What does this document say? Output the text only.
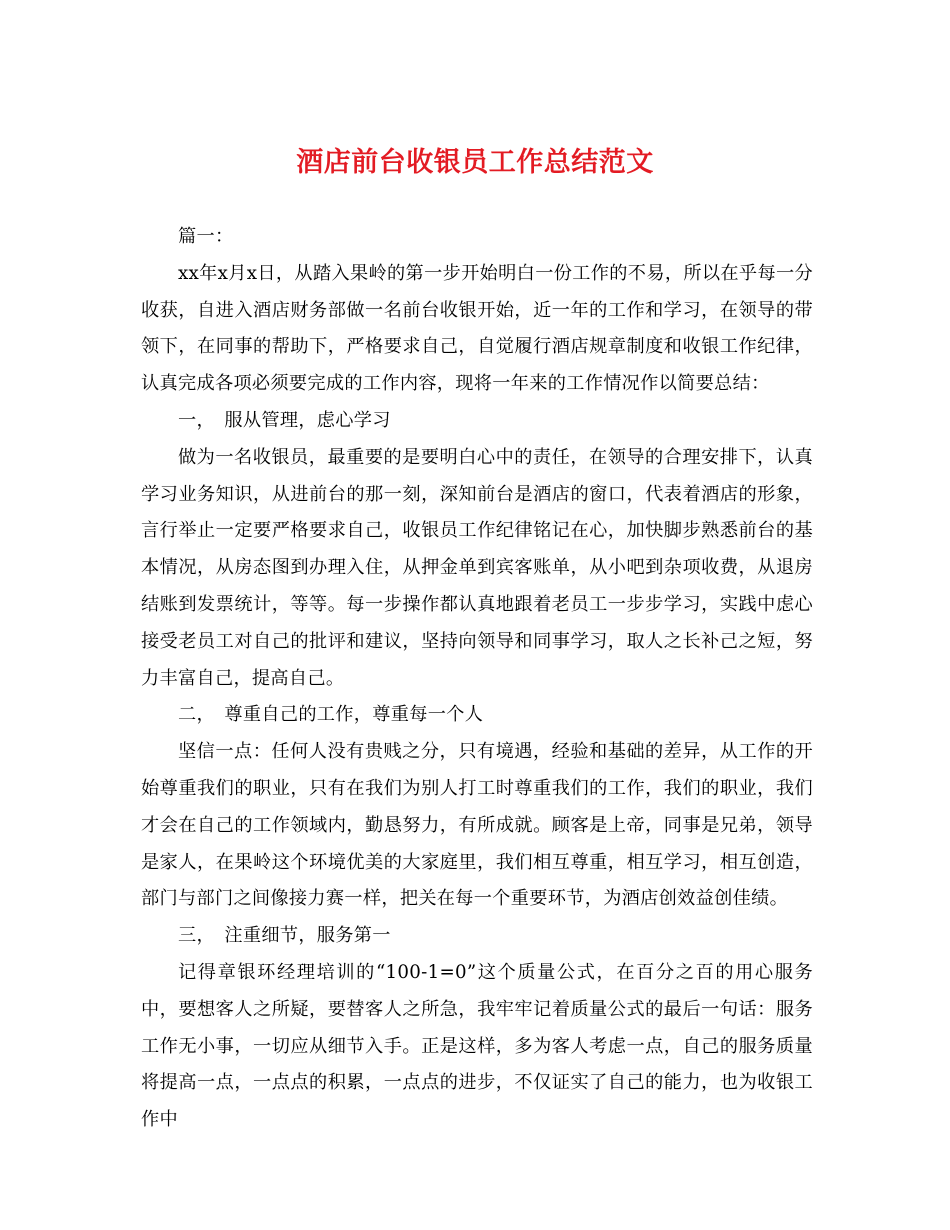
酒店前台收银员工作总结范文

篇一：

xx年x月x日，从踏入果岭的第一步开始明白一份工作的不易，所以在乎每一分收获，自进入酒店财务部做一名前台收银开始，近一年的工作和学习，在领导的带领下，在同事的帮助下，严格要求自己，自觉履行酒店规章制度和收银工作纪律，认真完成各项必须要完成的工作内容，现将一年来的工作情况作以简要总结：

一，　服从管理，虑心学习

做为一名收银员，最重要的是要明白心中的责任，在领导的合理安排下，认真学习业务知识，从进前台的那一刻，深知前台是酒店的窗口，代表着酒店的形象，言行举止一定要严格要求自己，收银员工作纪律铭记在心，加快脚步熟悉前台的基本情况，从房态图到办理入住，从押金单到宾客账单，从小吧到杂项收费，从退房结账到发票统计，等等。每一步操作都认真地跟着老员工一步步学习，实践中虑心接受老员工对自己的批评和建议，坚持向领导和同事学习，取人之长补己之短，努力丰富自己，提高自己。

二，　尊重自己的工作，尊重每一个人

坚信一点：任何人没有贵贱之分，只有境遇，经验和基础的差异，从工作的开始尊重我们的职业，只有在我们为别人打工时尊重我们的工作，我们的职业，我们才会在自己的工作领域内，勤恳努力，有所成就。顾客是上帝，同事是兄弟，领导是家人，在果岭这个环境优美的大家庭里，我们相互尊重，相互学习，相互创造，部门与部门之间像接力赛一样，把关在每一个重要环节，为酒店创效益创佳绩。

三，　注重细节，服务第一

记得章银环经理培训的“100-1=0”这个质量公式，在百分之百的用心服务中，要想客人之所疑，要替客人之所急，我牢牢记着质量公式的最后一句话：服务工作无小事，一切应从细节入手。正是这样，多为客人考虑一点，自己的服务质量将提高一点，一点点的积累，一点点的进步，不仅证实了自己的能力，也为收银工作中
